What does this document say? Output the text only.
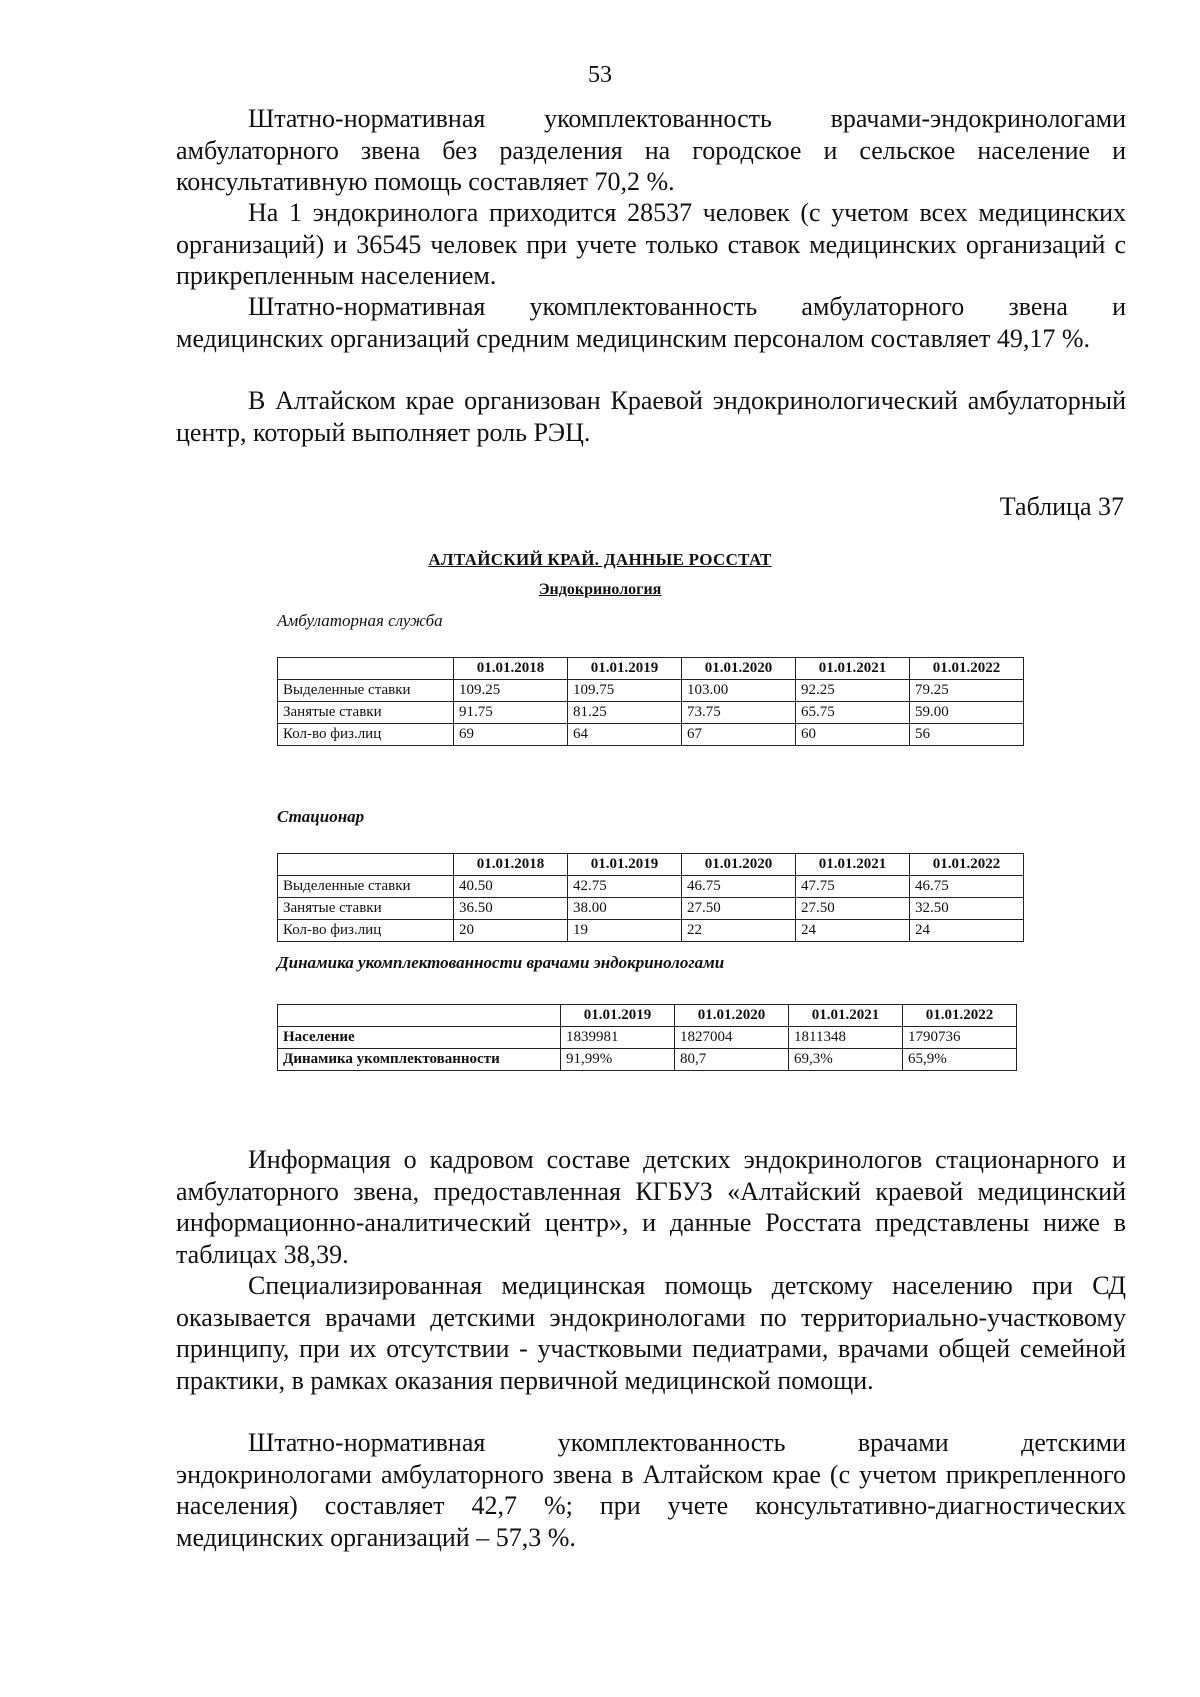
53

Штатно-нормативная укомплектованность врачами-эндокринологами амбулаторного звена без разделения на городское и сельское население и консультативную помощь составляет 70,2 %.

На 1 эндокринолога приходится 28537 человек (с учетом всех медицинских организаций) и 36545 человек при учете только ставок медицинских организаций с прикрепленным населением.

Штатно-нормативная укомплектованность амбулаторного звена и медицинских организаций средним медицинским персоналом составляет 49,17 %.

В Алтайском крае организован Краевой эндокринологический амбулаторный центр, который выполняет роль РЭЦ.

Таблица 37
АЛТАЙСКИЙ КРАЙ. ДАННЫЕ РОССТАТ
Эндокринология
Амбулаторная служба
	01.01.2018	01.01.2019	01.01.2020	01.01.2021	01.01.2022
Выделенные ставки	109.25	109.75	103.00	92.25	79.25
Занятые ставки	91.75	81.25	73.75	65.75	59.00
Кол-во физ.лиц	69	64	67	60	56
Стационар
	01.01.2018	01.01.2019	01.01.2020	01.01.2021	01.01.2022
Выделенные ставки	40.50	42.75	46.75	47.75	46.75
Занятые ставки	36.50	38.00	27.50	27.50	32.50
Кол-во физ.лиц	20	19	22	24	24
Динамика укомплектованности врачами эндокринологами
	01.01.2019	01.01.2020	01.01.2021	01.01.2022
Население	1839981	1827004	1811348	1790736
Динамика укомплектованности	91,99%	80,7	69,3%	65,9%

Информация о кадровом составе детских эндокринологов стационарного и амбулаторного звена, предоставленная КГБУЗ «Алтайский краевой медицинский информационно-аналитический центр», и данные Росстата представлены ниже в таблицах 38,39.

Специализированная медицинская помощь детскому населению при СД оказывается врачами детскими эндокринологами по территориально-участковому принципу, при их отсутствии - участковыми педиатрами, врачами общей семейной практики, в рамках оказания первичной медицинской помощи.

Штатно-нормативная укомплектованность врачами детскими эндокринологами амбулаторного звена в Алтайском крае (с учетом прикрепленного населения) составляет 42,7 %; при учете консультативно-диагностических медицинских организаций – 57,3 %.
